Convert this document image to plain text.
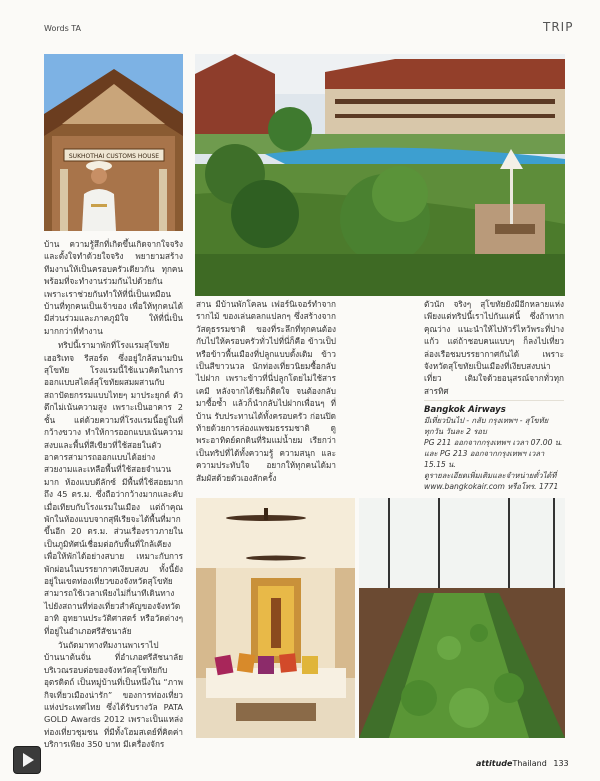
Words TA	TRIP
SUKHOTHAI CUSTOMS HOUSE

บ้าน ความรู้สึกที่เกิดขึ้นเกิดจากใจจริงและตั้งใจทำด้วยใจจริง พยายามสร้างทีมงานให้เป็นครอบครัวเดียวกัน ทุกคนพร้อมที่จะทำงานร่วมกันไปด้วยกันเพราะเราช่วยกันทำให้ที่นี่เป็นเหมือนบ้านที่ทุกคนเป็นเจ้าของ เพื่อให้ทุกคนได้มีส่วนร่วมและภาคภูมิใจ ให้ที่นี่เป็นมากกว่าที่ทำงาน

ทริปนี้เรามาพักที่โรงแรมสุโขทัย เฮอริเทจ รีสอร์ต ซึ่งอยู่ใกล้สนามบินสุโขทัย โรงแรมนี้ใช้แนวคิดในการออกแบบสไตล์สุโขทัยผสมผสานกับสถาปัตยกรรมแบบไทยๆ มาประยุกต์ ตัวตึกไม่เน้นความสูง เพราะเป็นอาคาร 2 ชั้น แต่ด้วยความที่โรงแรมนี้อยู่ในที่กว้างขวาง ทำให้การออกแบบเน้นความสงบและพื้นที่สีเขียวที่ใช้สอยในตัวอาคารสามารถออกแบบได้อย่างสวยงามและเหลือพื้นที่ใช้สอยจำนวนมาก ห้องแบบดีลักซ์ มีพื้นที่ใช้สอยมากถึง 45 ตร.ม. ซึ่งถือว่ากว้างมากและคับเมื่อเทียบกับโรงแรมในเมือง แต่ถ้าคุณพักในห้องแบบจากสุพีเรียจะได้พื้นที่มากขึ้นอีก 20 ตร.ม. ส่วนเรื่องราวภายในเป็นภูมิทัศน์เชื่อมต่อกับพื้นที่ใกล้เคียง เพื่อให้พักได้อย่างสบาย เหมาะกับการพักผ่อนในบรรยากาศเงียบสงบ ทั้งนี้ยังอยู่ในเขตท่องเที่ยวของจังหวัดสุโขทัย สามารถใช้เวลาเพียงไม่กี่นาทีเดินทางไปยังสถานที่ท่องเที่ยวสำคัญของจังหวัด อาทิ อุทยานประวัติศาสตร์ หรือวัดต่างๆ ที่อยู่ในอำเภอศรีสัชนาลัย

วันถัดมาทางทีมงานพาเราไปบ้านนาต้นจั่น ที่อำเภอศรีสัชนาลัย บริเวณรอบต่อของจังหวัดสุโขทัยกับอุตรดิตถ์ เป็นหมู่บ้านที่เป็นหนึ่งใน “ภาพกิจเที่ยวเมืองน่ารัก” ของการท่องเที่ยวแห่งประเทศไทย ซึ่งได้รับรางวัล PATA GOLD Awards 2012 เพราะเป็นแหล่งท่องเที่ยวชุมชน ที่มีทั้งโฮมสเตย์ที่คิดค่าบริการเพียง 350 บาท มีเครื่องจักร

สาน มีบ้านพักโคลน เฟอร์นิเจอร์ทำจากรากไม้ ของเล่นตลกแปลกๆ ซึ่งสร้างจากวัสดุธรรมชาติ ของที่ระลึกที่ทุกคนต้องกับไปให้ครอบครัวทั่วไปที่นี่ก็คือ ข้าวเป็ป หรือข้าวพื้นเมืองที่ปลูกแบบดั้งเดิม ข้าวเป็นสีขาวนวล นักท่องเที่ยวนิยมซื้อกลับไปฝาก เพราะข้าวที่นี่ปลูกโดยไม่ใช้สารเคมี หลังจากได้ชิมก็ติดใจ จนต้องกลับมาซื้อซ้ำ แล้วก็นำกลับไปฝากเพื่อนๆ ที่บ้าน รับประทานได้ทั้งครอบครัว ก่อนปิดท้ายด้วยการล่องแพชมธรรมชาติ ดูพระอาทิตย์ตกดินที่ริมแม่น้ำยม เรียกว่าเป็นทริปที่ได้ทั้งความรู้ ความสนุก และความประทับใจ อยากให้ทุกคนได้มาสัมผัสด้วยตัวเองสักครั้ง

ตัวนัก จริงๆ สุโขทัยยังมีอีกหลายแห่ง เพียงแต่ทริปนี้เราไปกันแค่นี้ ซึ่งถ้าหากคุณว่าง แนะนำให้ไปทัวร์ไหว้พระที่ปางแก้ว แต่ถ้าชอบคนแบบๆ ก็ลงไปเที่ยวล่องเรือชมบรรยากาศกันได้ เพราะจังหวัดสุโขทัยเป็นเมืองที่เงียบสงบน่าเที่ยว เติมใจด้วยอนุสรณ์จากทั่วทุกสารทิศ

Bangkok Airways
มีเที่ยวบินไป - กลับ กรุงเทพฯ - สุโขทัย
ทุกวัน วันละ 2 รอบ
PG 211 ออกจากกรุงเทพฯ เวลา 07.00 น.
และ PG 213 ออกจากกรุงเทพฯ เวลา 15.15 น.
ดูรายละเอียดเพิ่มเติมและจำหน่ายตั๋วได้ที่
www.bangkokair.com หรือโทร. 1771
attitudeThailand 133
